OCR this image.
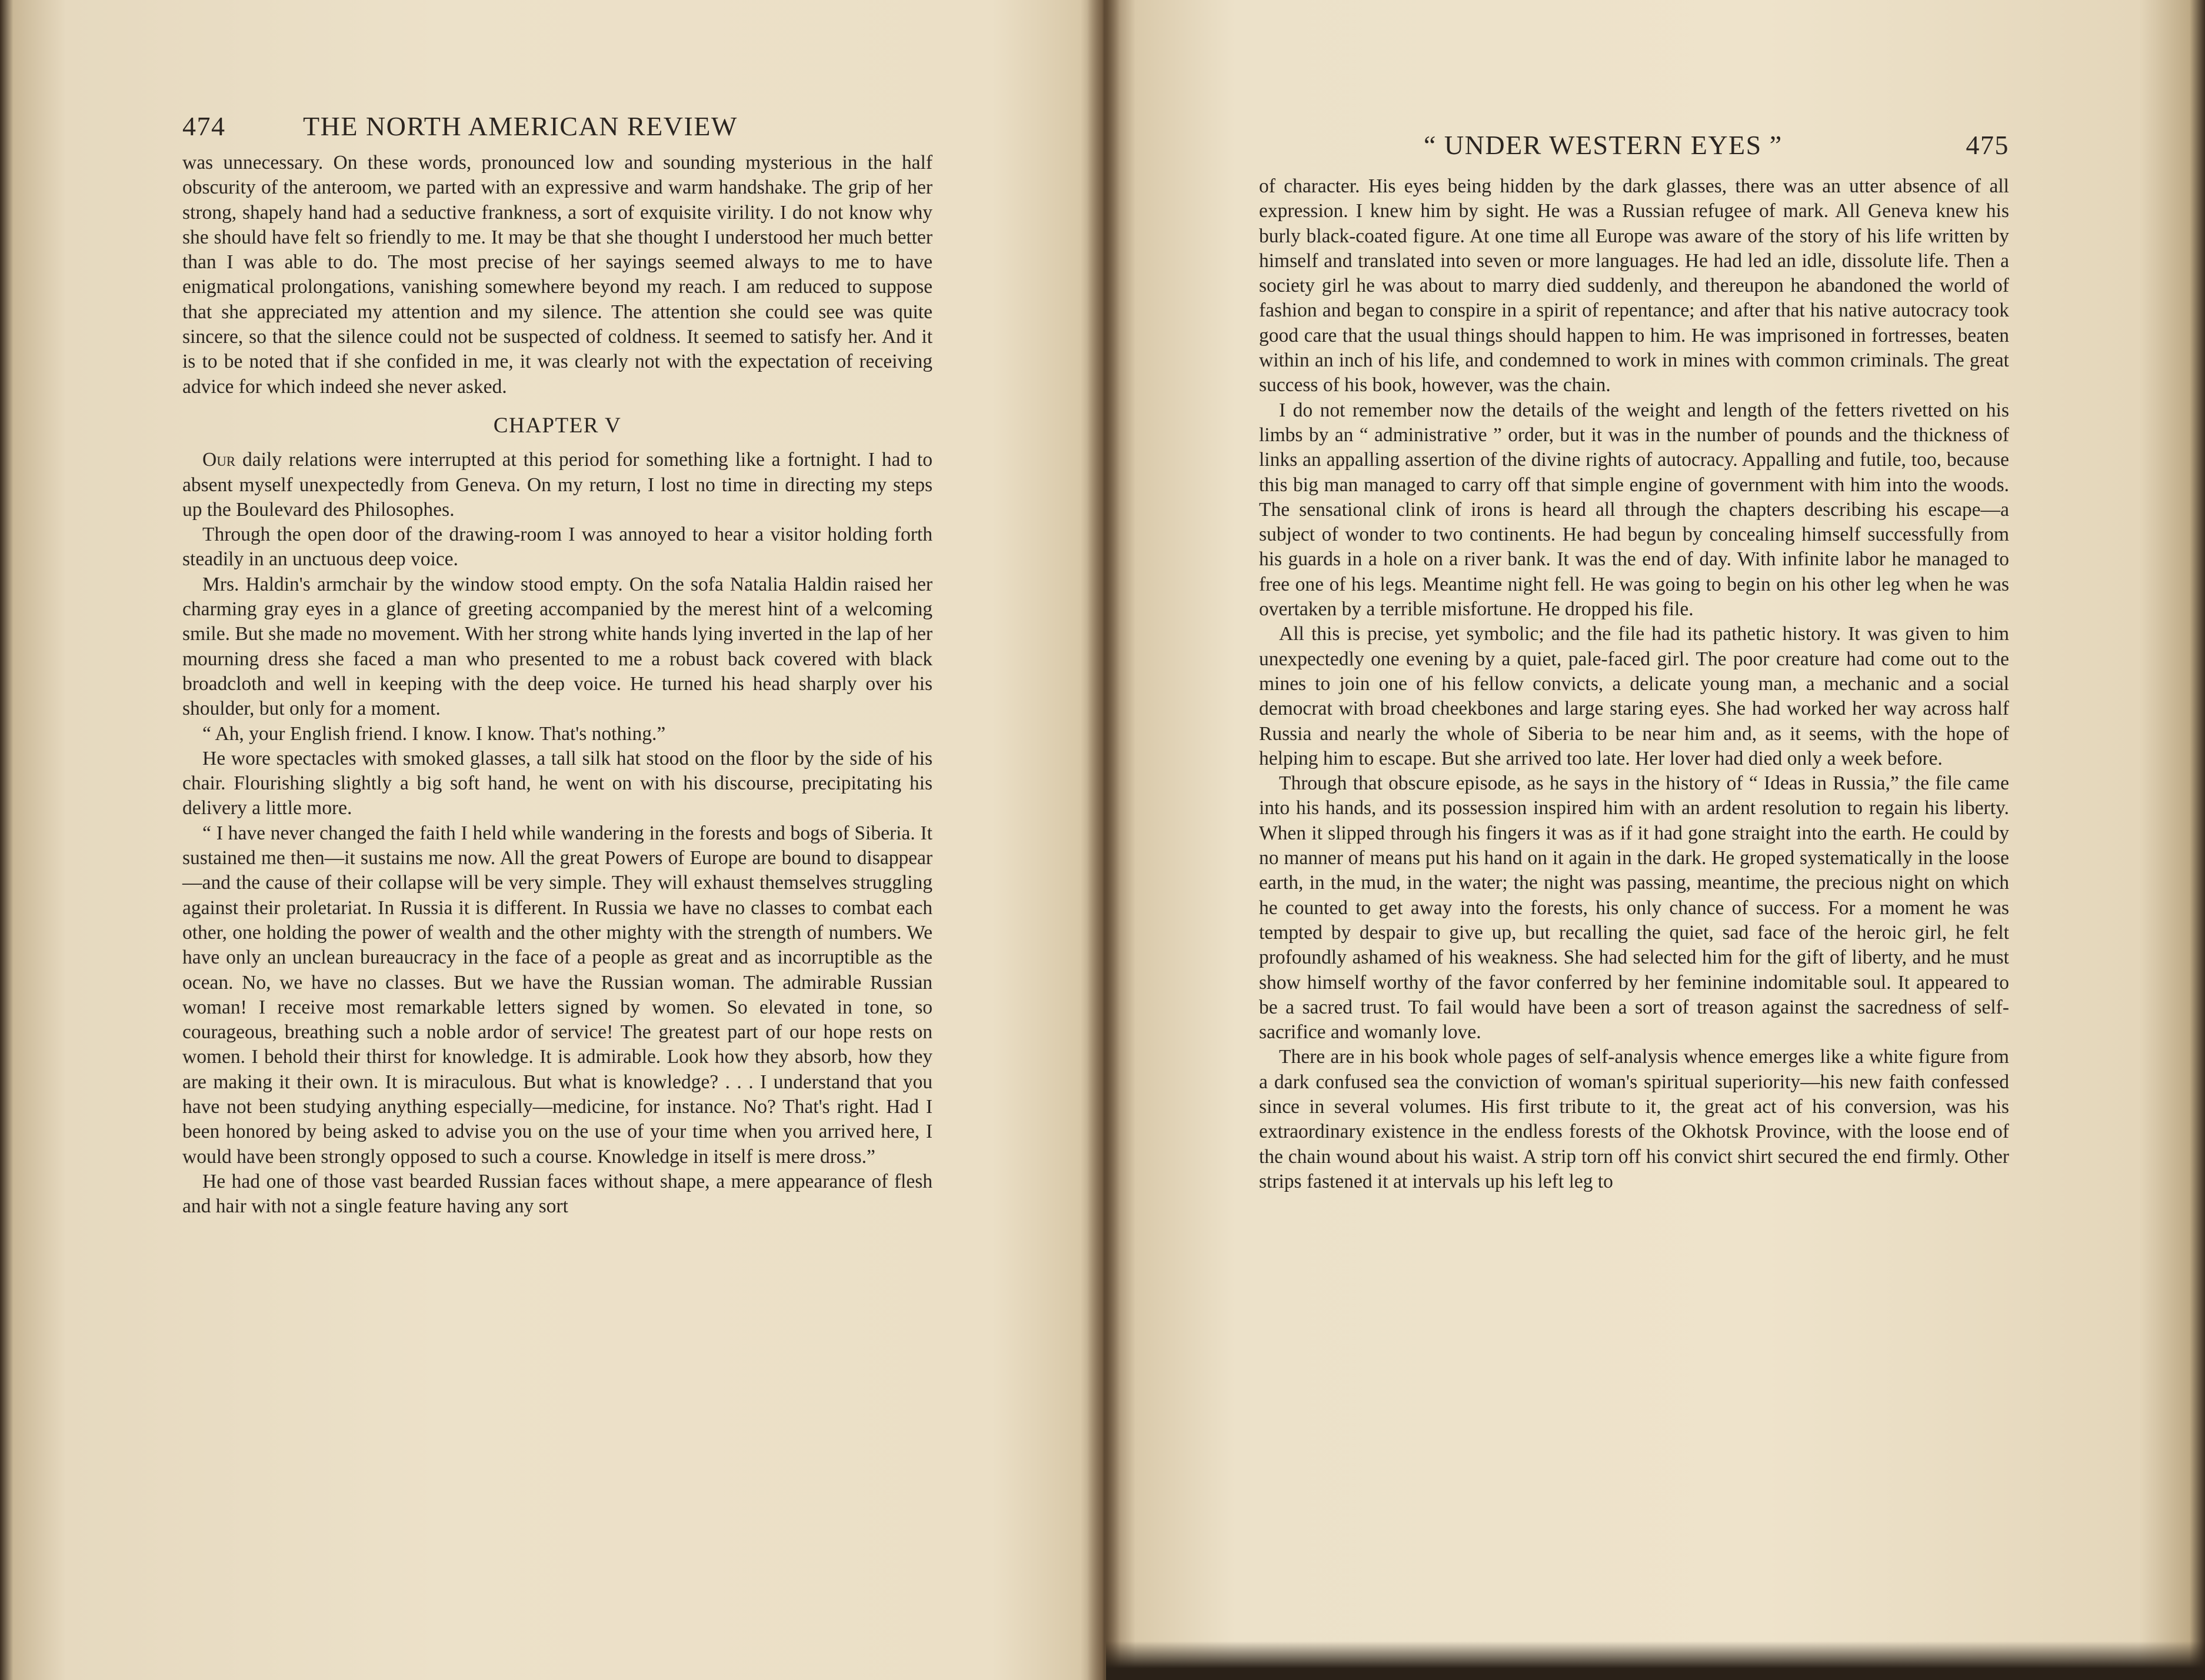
474	THE NORTH AMERICAN REVIEW

was unnecessary. On these words, pronounced low and sounding mysterious in the half obscurity of the anteroom, we parted with an expressive and warm handshake. The grip of her strong, shapely hand had a seductive frankness, a sort of exquisite virility. I do not know why she should have felt so friendly to me. It may be that she thought I understood her much better than I was able to do. The most precise of her sayings seemed always to me to have enigmatical prolongations, vanishing somewhere beyond my reach. I am reduced to suppose that she appreciated my attention and my silence. The attention she could see was quite sincere, so that the silence could not be suspected of coldness. It seemed to satisfy her. And it is to be noted that if she confided in me, it was clearly not with the expectation of receiving advice for which indeed she never asked.

CHAPTER V

Our daily relations were interrupted at this period for something like a fortnight. I had to absent myself unexpectedly from Geneva. On my return, I lost no time in directing my steps up the Boulevard des Philosophes.

Through the open door of the drawing-room I was annoyed to hear a visitor holding forth steadily in an unctuous deep voice.

Mrs. Haldin's armchair by the window stood empty. On the sofa Natalia Haldin raised her charming gray eyes in a glance of greeting accompanied by the merest hint of a welcoming smile. But she made no movement. With her strong white hands lying inverted in the lap of her mourning dress she faced a man who presented to me a robust back covered with black broadcloth and well in keeping with the deep voice. He turned his head sharply over his shoulder, but only for a moment.

“ Ah, your English friend. I know. I know. That's nothing.”

He wore spectacles with smoked glasses, a tall silk hat stood on the floor by the side of his chair. Flourishing slightly a big soft hand, he went on with his discourse, precipitating his delivery a little more.

“ I have never changed the faith I held while wandering in the forests and bogs of Siberia. It sustained me then—it sustains me now. All the great Powers of Europe are bound to disappear—and the cause of their collapse will be very simple. They will exhaust themselves struggling against their proletariat. In Russia it is different. In Russia we have no classes to combat each other, one holding the power of wealth and the other mighty with the strength of numbers. We have only an unclean bureaucracy in the face of a people as great and as incorruptible as the ocean. No, we have no classes. But we have the Russian woman. The admirable Russian woman! I receive most remarkable letters signed by women. So elevated in tone, so courageous, breathing such a noble ardor of service! The greatest part of our hope rests on women. I behold their thirst for knowledge. It is admirable. Look how they absorb, how they are making it their own. It is miraculous. But what is knowledge? . . . I understand that you have not been studying anything especially—medicine, for instance. No? That's right. Had I been honored by being asked to advise you on the use of your time when you arrived here, I would have been strongly opposed to such a course. Knowledge in itself is mere dross.”

He had one of those vast bearded Russian faces without shape, a mere appearance of flesh and hair with not a single feature having any sort

“ UNDER WESTERN EYES ”	475

of character. His eyes being hidden by the dark glasses, there was an utter absence of all expression. I knew him by sight. He was a Russian refugee of mark. All Geneva knew his burly black-coated figure. At one time all Europe was aware of the story of his life written by himself and translated into seven or more languages. He had led an idle, dissolute life. Then a society girl he was about to marry died suddenly, and thereupon he abandoned the world of fashion and began to conspire in a spirit of repentance; and after that his native autocracy took good care that the usual things should happen to him. He was imprisoned in fortresses, beaten within an inch of his life, and condemned to work in mines with common criminals. The great success of his book, however, was the chain.

I do not remember now the details of the weight and length of the fetters rivetted on his limbs by an “ administrative ” order, but it was in the number of pounds and the thickness of links an appalling assertion of the divine rights of autocracy. Appalling and futile, too, because this big man managed to carry off that simple engine of government with him into the woods. The sensational clink of irons is heard all through the chapters describing his escape—a subject of wonder to two continents. He had begun by concealing himself successfully from his guards in a hole on a river bank. It was the end of day. With infinite labor he managed to free one of his legs. Meantime night fell. He was going to begin on his other leg when he was overtaken by a terrible misfortune. He dropped his file.

All this is precise, yet symbolic; and the file had its pathetic history. It was given to him unexpectedly one evening by a quiet, pale-faced girl. The poor creature had come out to the mines to join one of his fellow convicts, a delicate young man, a mechanic and a social democrat with broad cheekbones and large staring eyes. She had worked her way across half Russia and nearly the whole of Siberia to be near him and, as it seems, with the hope of helping him to escape. But she arrived too late. Her lover had died only a week before.

Through that obscure episode, as he says in the history of “ Ideas in Russia,” the file came into his hands, and its possession inspired him with an ardent resolution to regain his liberty. When it slipped through his fingers it was as if it had gone straight into the earth. He could by no manner of means put his hand on it again in the dark. He groped systematically in the loose earth, in the mud, in the water; the night was passing, meantime, the precious night on which he counted to get away into the forests, his only chance of success. For a moment he was tempted by despair to give up, but recalling the quiet, sad face of the heroic girl, he felt profoundly ashamed of his weakness. She had selected him for the gift of liberty, and he must show himself worthy of the favor conferred by her feminine indomitable soul. It appeared to be a sacred trust. To fail would have been a sort of treason against the sacredness of self-sacrifice and womanly love.

There are in his book whole pages of self-analysis whence emerges like a white figure from a dark confused sea the conviction of woman's spiritual superiority—his new faith confessed since in several volumes. His first tribute to it, the great act of his conversion, was his extraordinary existence in the endless forests of the Okhotsk Province, with the loose end of the chain wound about his waist. A strip torn off his convict shirt secured the end firmly. Other strips fastened it at intervals up his left leg to
